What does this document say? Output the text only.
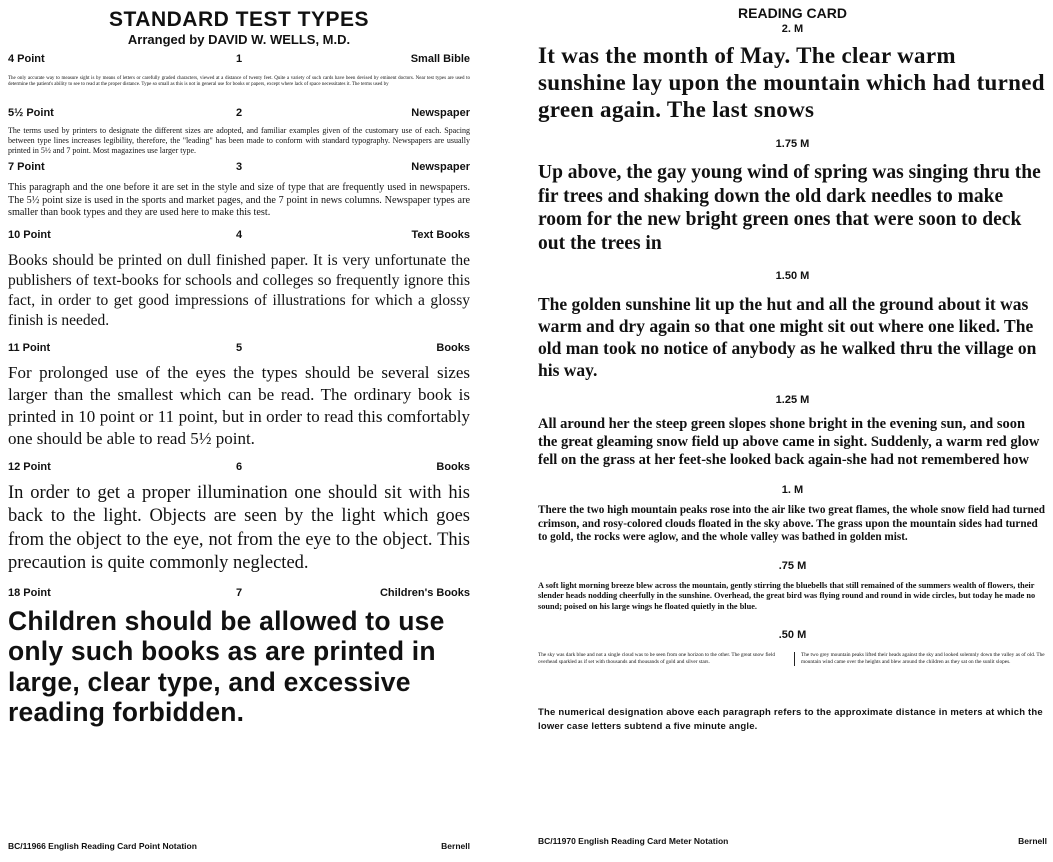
STANDARD TEST TYPES
Arranged by DAVID W. WELLS, M.D.
4 Point	1	Small Bible
The only accurate way to measure sight is by means of letters or carefully graded characters, viewed at a distance of twenty feet. Quite a variety of such cards have been devised by eminent doctors. Near test types are used to determine the patient's ability to see to read at the proper distance. Type so small as this is not in general use for books or papers, except where lack of space necessitates it. The terms used by
5½ Point	2	Newspaper
The terms used by printers to designate the different sizes are adopted, and familiar examples given of the customary use of each. Spacing between type lines increases legibility, therefore, the "leading" has been made to conform with standard typography. Newspapers are usually printed in 5½ and 7 point. Most magazines use larger type.
7 Point	3	Newspaper
This paragraph and the one before it are set in the style and size of type that are frequently used in newspapers. The 5½ point size is used in the sports and market pages, and the 7 point in news columns. Newspaper types are smaller than book types and they are used here to make this test.
10 Point	4	Text Books
Books should be printed on dull finished paper. It is very unfortunate the publishers of text-books for schools and colleges so frequently ignore this fact, in order to get good impressions of illustrations for which a glossy finish is needed.
11 Point	5	Books
For prolonged use of the eyes the types should be several sizes larger than the smallest which can be read. The ordinary book is printed in 10 point or 11 point, but in order to read this comfortably one should be able to read 5½ point.
12 Point	6	Books
In order to get a proper illumination one should sit with his back to the light. Objects are seen by the light which goes from the object to the eye, not from the eye to the object. This precaution is quite commonly neglected.
18 Point	7	Children's Books
Children should be allowed to use only such books as are printed in large, clear type, and excessive reading forbidden.
BC/11966 English Reading Card Point Notation	Bernell
READING CARD
2. M
It was the month of May. The clear warm sunshine lay upon the mountain which had turned green again. The last snows
1.75 M
Up above, the gay young wind of spring was singing thru the fir trees and shaking down the old dark needles to make room for the new bright green ones that were soon to deck out the trees in
1.50 M
The golden sunshine lit up the hut and all the ground about it was warm and dry again so that one might sit out where one liked. The old man took no notice of anybody as he walked thru the village on his way.
1.25 M
All around her the steep green slopes shone bright in the evening sun, and soon the great gleaming snow field up above came in sight. Suddenly, a warm red glow fell on the grass at her feet-she looked back again-she had not remembered how
1. M
There the two high mountain peaks rose into the air like two great flames, the whole snow field had turned crimson, and rosy-colored clouds floated in the sky above. The grass upon the mountain sides had turned to gold, the rocks were aglow, and the whole valley was bathed in golden mist.
.75 M
A soft light morning breeze blew across the mountain, gently stirring the bluebells that still remained of the summers wealth of flowers, their slender heads nodding cheerfully in the sunshine. Overhead, the great bird was flying round and round in wide circles, but today he made no sound; poised on his large wings he floated quietly in the blue.
.50 M
The sky was dark blue and not a single cloud was to be seen from one horizon to the other. The great snow field overhead sparkled as if set with thousands and thousands of gold and silver stars.
The two grey mountain peaks lifted their heads against the sky and looked solemnly down the valley as of old. The mountain wind came over the heights and blew around the children as they sat on the sunlit slopes.
The numerical designation above each paragraph refers to the approximate distance in meters at which the lower case letters subtend a five minute angle.
BC/11970 English Reading Card Meter Notation	Bernell
